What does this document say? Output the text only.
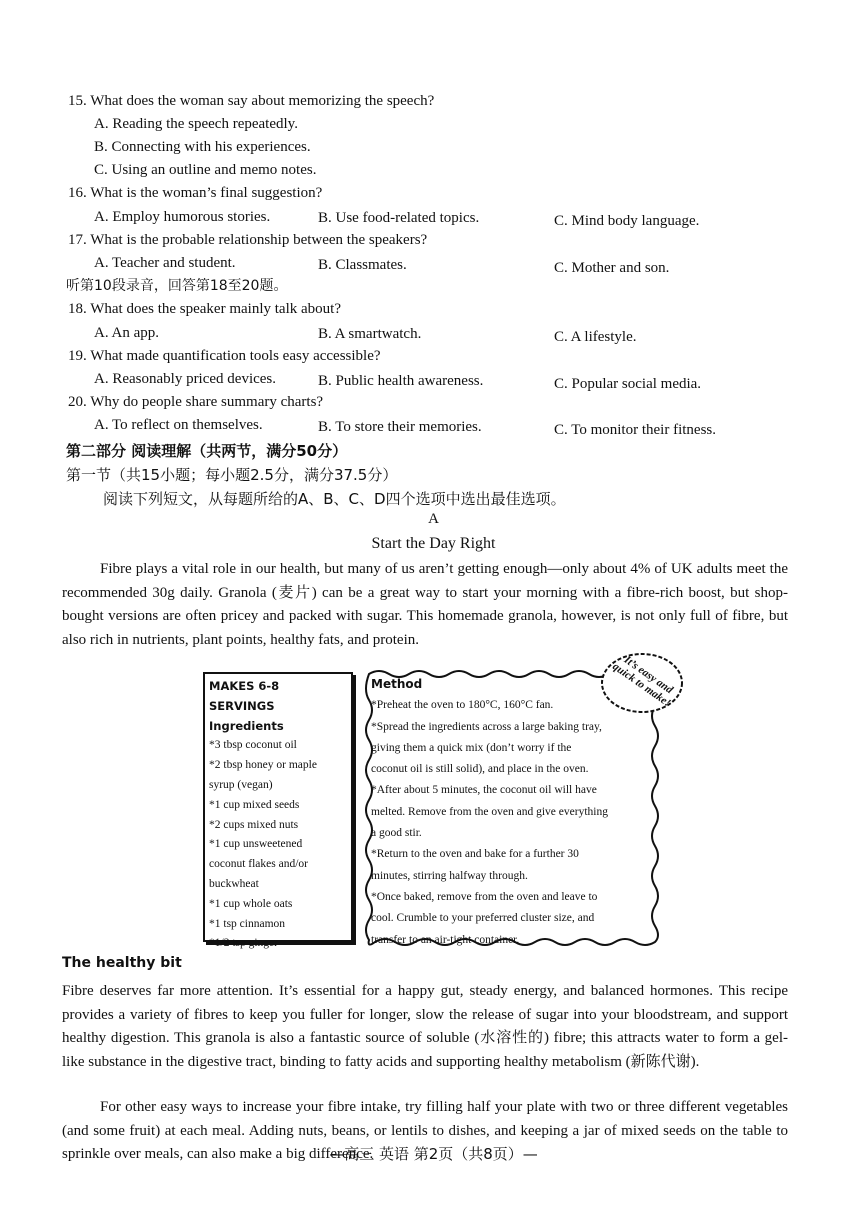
15. What does the woman say about memorizing the speech?
A. Reading the speech repeatedly.
B. Connecting with his experiences.
C. Using an outline and memo notes.
16. What is the woman’s final suggestion?
A. Employ humorous stories.	B. Use food-related topics.	C. Mind body language.
17. What is the probable relationship between the speakers?
A. Teacher and student.	B. Classmates.	C. Mother and son.
听第10段录音，回答第18至20题。
18. What does the speaker mainly talk about?
A. An app.	B. A smartwatch.	C. A lifestyle.
19. What made quantification tools easy accessible?
A. Reasonably priced devices.	B. Public health awareness.	C. Popular social media.
20. Why do people share summary charts?
A. To reflect on themselves.	B. To store their memories.	C. To monitor their fitness.
第二部分 阅读理解（共两节，满分50分）
第一节（共15小题；每小题2.5分，满分37.5分）
阅读下列短文，从每题所给的A、B、C、D四个选项中选出最佳选项。
A
Start the Day Right

Fibre plays a vital role in our health, but many of us aren’t getting enough—only about 4% of UK adults meet the recommended 30g daily. Granola (麦片) can be a great way to start your morning with a fibre-rich boost, but shop-bought versions are often pricey and packed with sugar. This homemade granola, however, is not only full of fibre, but also rich in nutrients, plant points, healthy fats, and protein.

MAKES 6-8 SERVINGS
Ingredients
*3 tbsp coconut oil
*2 tbsp honey or maple
syrup (vegan)
*1 cup mixed seeds
*2 cups mixed nuts
*1 cup unsweetened
coconut flakes and/or
buckwheat
*1 cup whole oats
*1 tsp cinnamon
*1/2 tsp ginger
Method
*Preheat the oven to 180°C, 160°C fan.
*Spread the ingredients across a large baking tray,
giving them a quick mix (don’t worry if the
coconut oil is still solid), and place in the oven.
*After about 5 minutes, the coconut oil will have
melted. Remove from the oven and give everything
a good stir.
*Return to the oven and bake for a further 30
minutes, stirring halfway through.
*Once baked, remove from the oven and leave to
cool. Crumble to your preferred cluster size, and
transfer to an air-tight container.
It’s easy and quick to make!
The healthy bit

Fibre deserves far more attention. It’s essential for a happy gut, steady energy, and balanced hormones. This recipe provides a variety of fibres to keep you fuller for longer, slow the release of sugar into your bloodstream, and support healthy digestion. This granola is also a fantastic source of soluble (水溶性的) fibre; this attracts water to form a gel-like substance in the digestive tract, binding to fatty acids and supporting healthy metabolism (新陈代谢).

For other easy ways to increase your fibre intake, try filling half your plate with two or three different vegetables (and some fruit) at each meal. Adding nuts, beans, or lentils to dishes, and keeping a jar of mixed seeds on the table to sprinkle over meals, can also make a big difference.

—高三 英语 第2页（共8页）—
